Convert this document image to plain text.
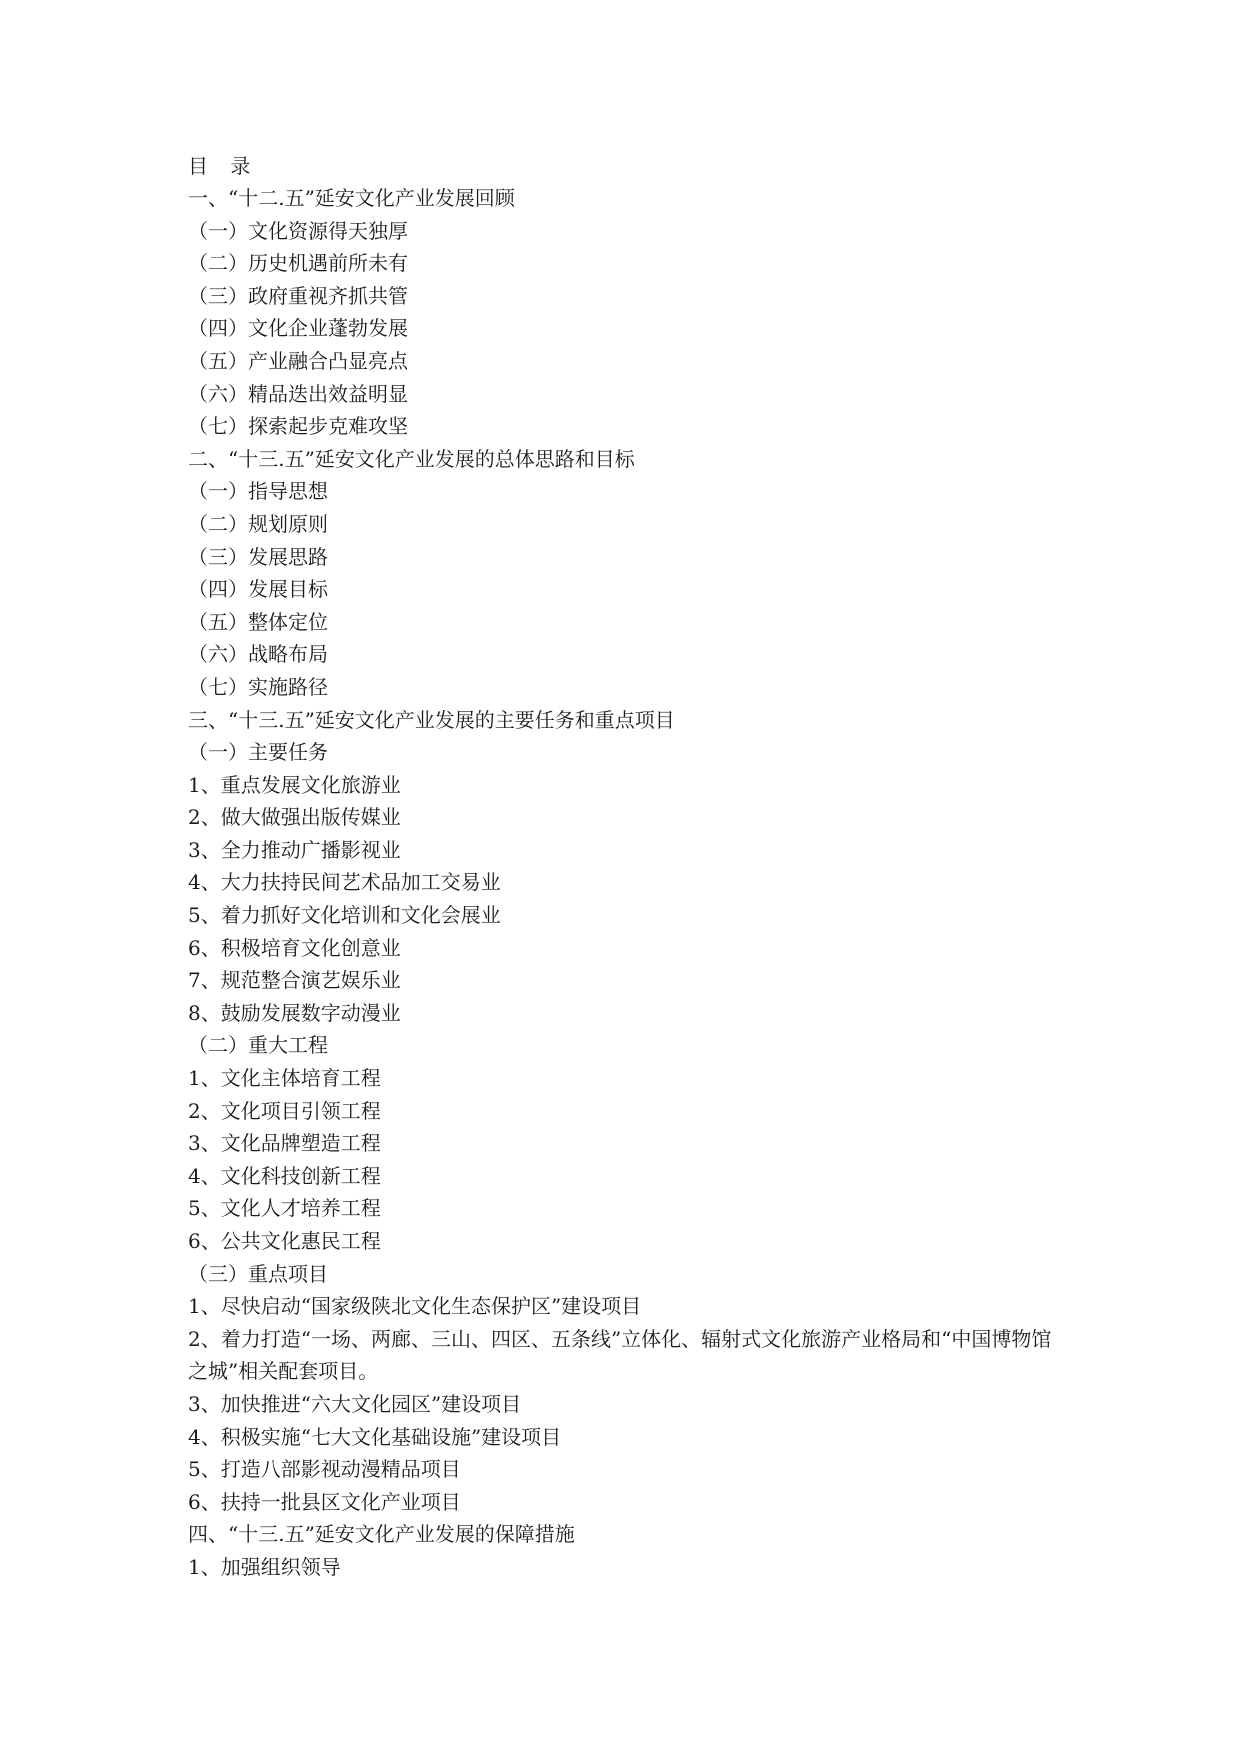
目 录
一、“十二.五”延安文化产业发展回顾
（一）文化资源得天独厚
（二）历史机遇前所未有
（三）政府重视齐抓共管
（四）文化企业蓬勃发展
（五）产业融合凸显亮点
（六）精品迭出效益明显
（七）探索起步克难攻坚
二、“十三.五”延安文化产业发展的总体思路和目标
（一）指导思想
（二）规划原则
（三）发展思路
（四）发展目标
（五）整体定位
（六）战略布局
（七）实施路径
三、“十三.五”延安文化产业发展的主要任务和重点项目
（一）主要任务
1、重点发展文化旅游业
2、做大做强出版传媒业
3、全力推动广播影视业
4、大力扶持民间艺术品加工交易业
5、着力抓好文化培训和文化会展业
6、积极培育文化创意业
7、规范整合演艺娱乐业
8、鼓励发展数字动漫业
（二）重大工程
1、文化主体培育工程
2、文化项目引领工程
3、文化品牌塑造工程
4、文化科技创新工程
5、文化人才培养工程
6、公共文化惠民工程
（三）重点项目
1、尽快启动“国家级陕北文化生态保护区”建设项目
2、着力打造“一场、两廊、三山、四区、五条线”立体化、辐射式文化旅游产业格局和“中国博物馆之城”相关配套项目。
3、加快推进“六大文化园区”建设项目
4、积极实施“七大文化基础设施”建设项目
5、打造八部影视动漫精品项目
6、扶持一批县区文化产业项目
四、“十三.五”延安文化产业发展的保障措施
1、加强组织领导
